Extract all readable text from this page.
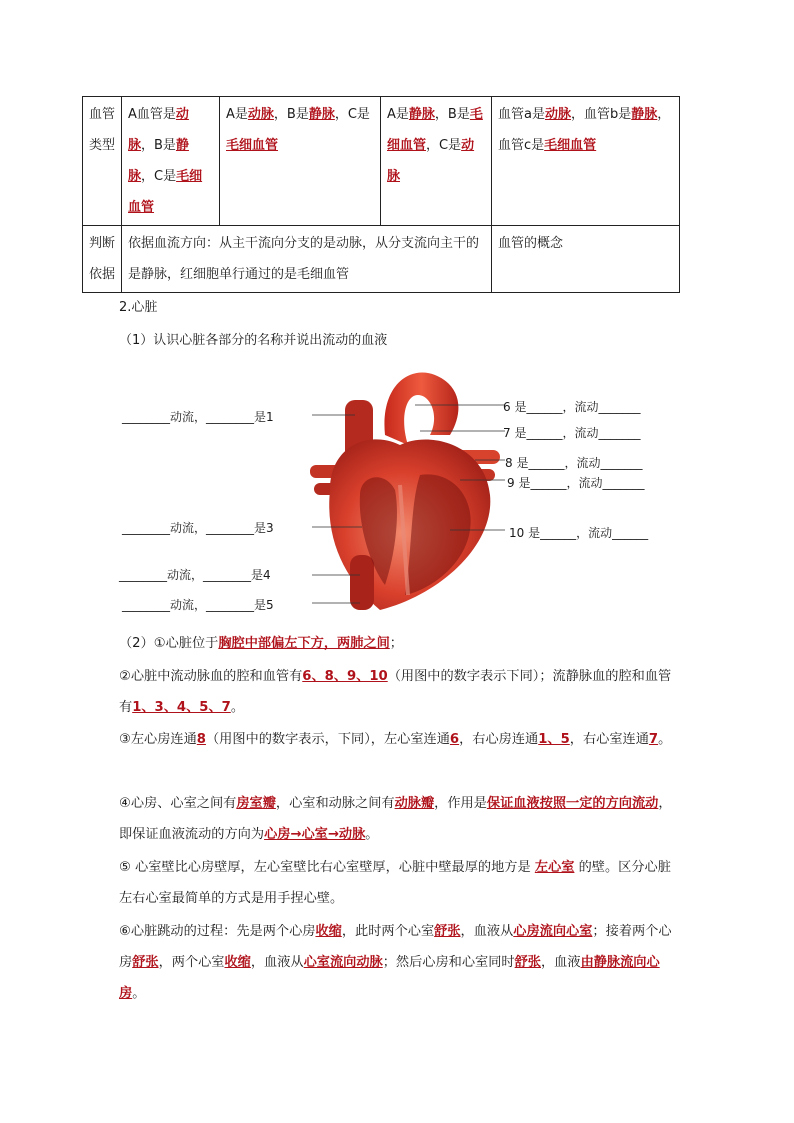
血管类型	A血管是动脉，B是静脉，C是毛细血管	A是动脉，B是静脉，C是毛细血管	A是静脉，B是毛细血管，C是动脉	血管a是动脉，血管b是静脉，血管c是毛细血管
判断依据	依据血流方向：从主干流向分支的是动脉，从分支流向主干的是静脉，红细胞单行通过的是毛细血管			血管的概念
2.心脏
（1）认识心脏各部分的名称并说出流动的血液
________动流，________是1
________动流，________是3
________动流，________是4
________动流，________是5
6 是______，流动_______
7 是______，流动_______
8 是______，流动_______
9 是______，流动_______
10 是______，流动______
（2）①心脏位于胸腔中部偏左下方，两肺之间；
②心脏中流动脉血的腔和血管有6、8、9、10（用图中的数字表示下同）；流静脉血的腔和血管有1、3、4、5、7。
③左心房连通8（用图中的数字表示，下同），左心室连通6，右心房连通1、5，右心室连通7。
④心房、心室之间有房室瓣，心室和动脉之间有动脉瓣，作用是保证血液按照一定的方向流动，即保证血液流动的方向为心房→心室→动脉。
⑤ 心室壁比心房壁厚，左心室壁比右心室壁厚，心脏中壁最厚的地方是 左心室 的壁。区分心脏左右心室最简单的方式是用手捏心壁。
⑥心脏跳动的过程：先是两个心房收缩，此时两个心室舒张，血液从心房流向心室；接着两个心房舒张，两个心室收缩，血液从心室流向动脉；然后心房和心室同时舒张，血液由静脉流向心房。
